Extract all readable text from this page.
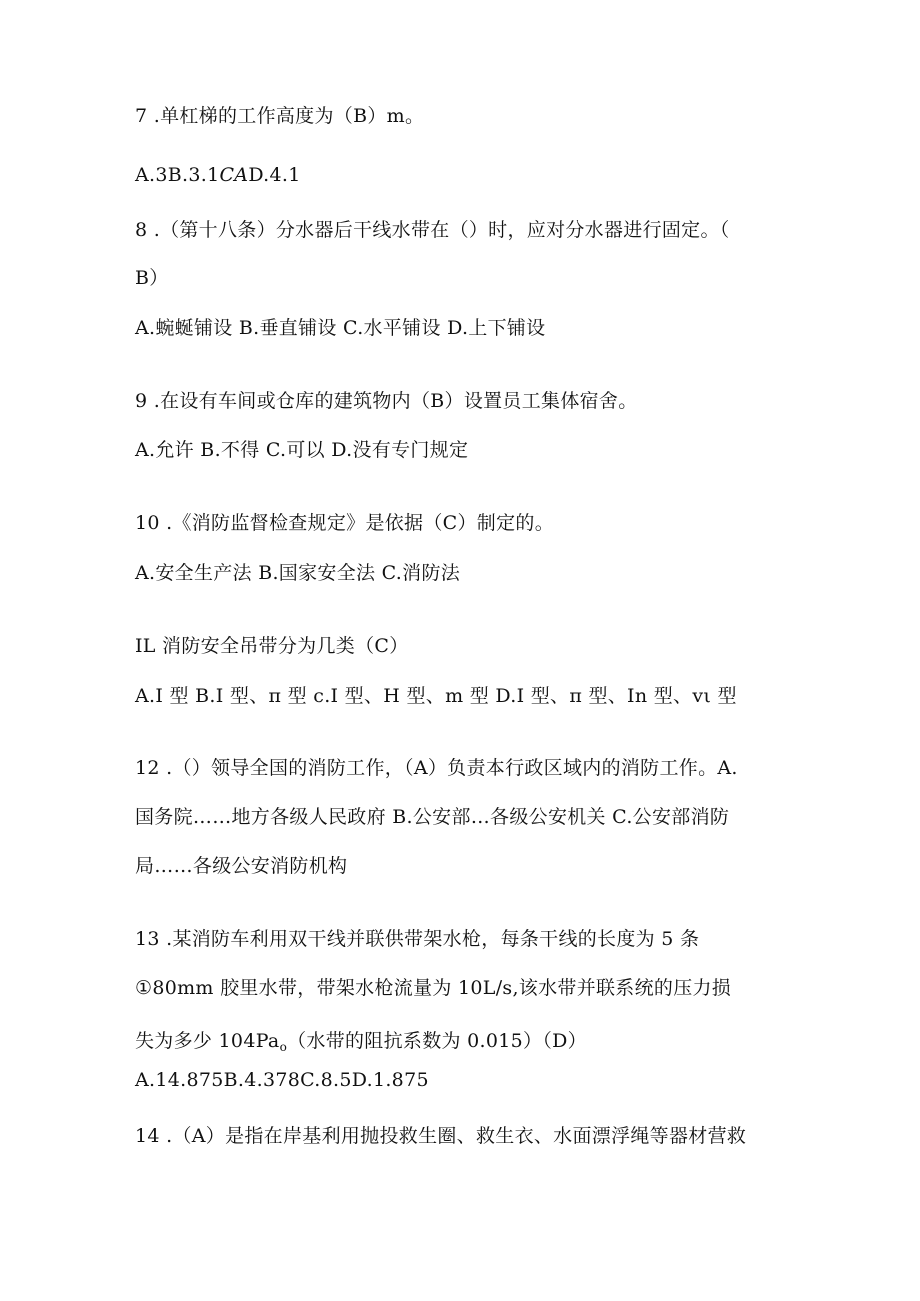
7 .单杠梯的工作高度为（B）m。
A.3B.3.1CAD.4.1
8 .（第十八条）分水器后干线水带在（）时，应对分水器进行固定。（
B）
A.蜿蜒铺设 B.垂直铺设 C.水平铺设 D.上下铺设
9 .在设有车间或仓库的建筑物内（B）设置员工集体宿舍。
A.允许 B.不得 C.可以 D.没有专门规定
10 .《消防监督检查规定》是依据（C）制定的。
A.安全生产法 B.国家安全法 C.消防法
IL 消防安全吊带分为几类（C）
A.I 型 B.I 型、π 型 c.I 型、H 型、m 型 D.I 型、π 型、In 型、vι 型
12 .（）领导全国的消防工作，（A）负责本行政区域内的消防工作。A.
国务院……地方各级人民政府 B.公安部…各级公安机关 C.公安部消防
局……各级公安消防机构
13 .某消防车利用双干线并联供带架水枪，每条干线的长度为 5 条
①80mm 胶里水带，带架水枪流量为 10L∕s,该水带并联系统的压力损
失为多少 $104Pa_o$（水带的阻抗系数为 0.015）（D）
A.14.875B.4.378C.8.5D.1.875
14 .（A）是指在岸基利用抛投救生圈、救生衣、水面漂浮绳等器材营救
